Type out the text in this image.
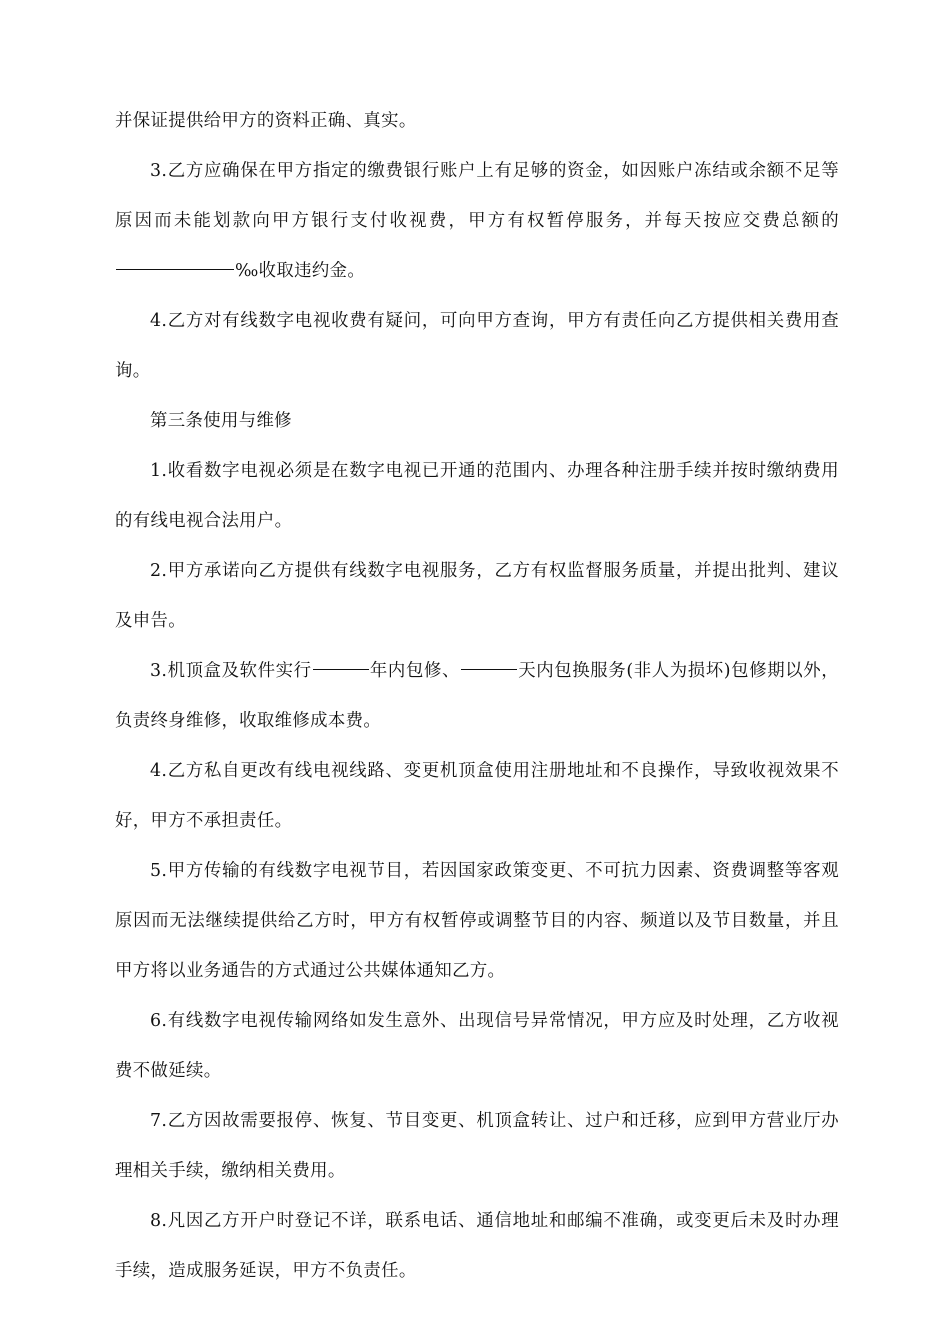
并保证提供给甲方的资料正确、真实。

3.乙方应确保在甲方指定的缴费银行账户上有足够的资金，如因账户冻结或余额不足等原因而未能划款向甲方银行支付收视费，甲方有权暂停服务，并每天按应交费总额的‰收取违约金。

4.乙方对有线数字电视收费有疑问，可向甲方查询，甲方有责任向乙方提供相关费用查询。

第三条使用与维修

1.收看数字电视必须是在数字电视已开通的范围内、办理各种注册手续并按时缴纳费用的有线电视合法用户。

2.甲方承诺向乙方提供有线数字电视服务，乙方有权监督服务质量，并提出批判、建议及申告。

3.机顶盒及软件实行	年内包修、	天内包换服务(非人为损坏)包修期以外，负责终身维修，收取维修成本费。

4.乙方私自更改有线电视线路、变更机顶盒使用注册地址和不良操作，导致收视效果不好，甲方不承担责任。

5.甲方传输的有线数字电视节目，若因国家政策变更、不可抗力因素、资费调整等客观原因而无法继续提供给乙方时，甲方有权暂停或调整节目的内容、频道以及节目数量，并且甲方将以业务通告的方式通过公共媒体通知乙方。

6.有线数字电视传输网络如发生意外、出现信号异常情况，甲方应及时处理，乙方收视费不做延续。

7.乙方因故需要报停、恢复、节目变更、机顶盒转让、过户和迁移，应到甲方营业厅办理相关手续，缴纳相关费用。

8.凡因乙方开户时登记不详，联系电话、通信地址和邮编不准确，或变更后未及时办理手续，造成服务延误，甲方不负责任。
